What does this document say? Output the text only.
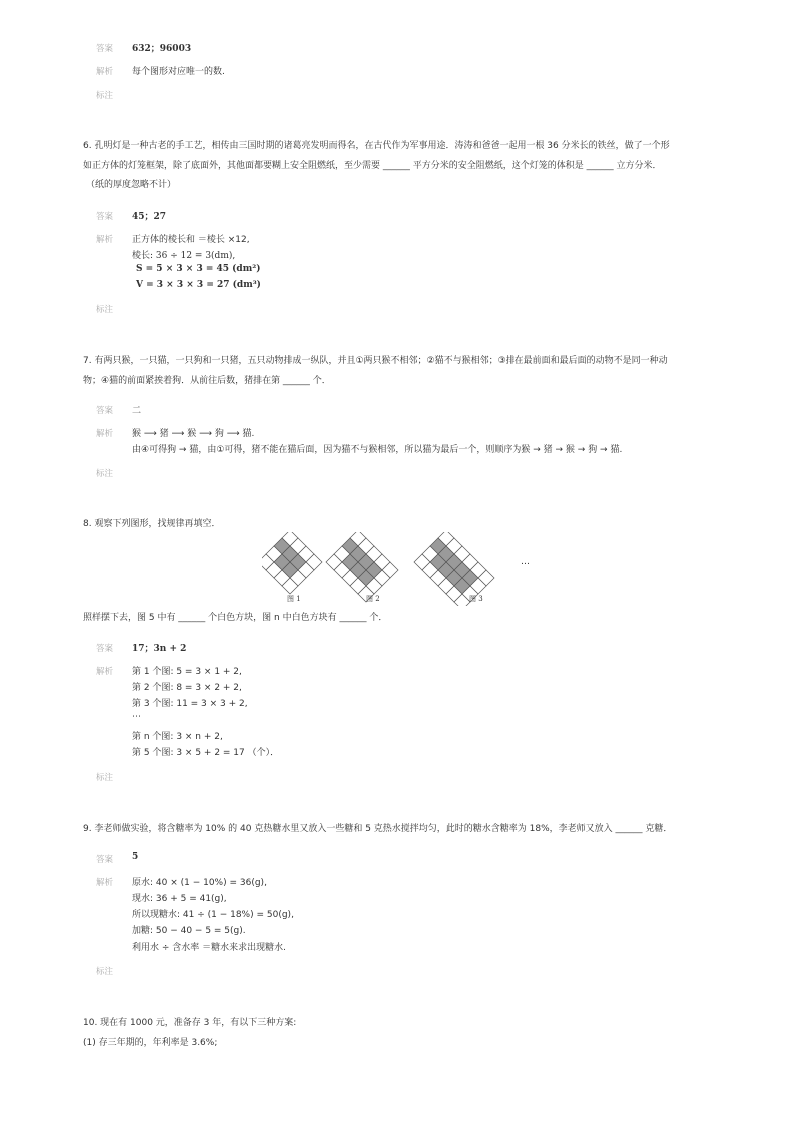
答案 632；96003
解析 每个图形对应唯一的数.
标注
6. 孔明灯是一种古老的手工艺，相传由三国时期的诸葛亮发明而得名，在古代作为军事用途．涛涛和爸爸一起用一根 36 分米长的铁丝，做了一个形
如正方体的灯笼框架，除了底面外，其他面都要糊上安全阻燃纸，至少需要 ______ 平方分米的安全阻燃纸，这个灯笼的体积是 ______ 立方分米．
（纸的厚度忽略不计）
答案 45；27
解析 正方体的棱长和 ＝棱长 ×12,
棱长: 36 ÷ 12 = 3(dm),
S = 5 × 3 × 3 = 45 (dm²)
V = 3 × 3 × 3 = 27 (dm³)
标注
7. 有两只猴，一只猫，一只狗和一只猪，五只动物排成一纵队，并且①两只猴不相邻；②猫不与猴相邻；③排在最前面和最后面的动物不是同一种动
物；④猫的前面紧挨着狗．从前往后数，猪排在第 ______ 个．
答案 二
解析 猴 ⟶ 猪 ⟶ 猴 ⟶ 狗 ⟶ 猫.
由④可得狗 → 猫，由①可得，猪不能在猫后面，因为猫不与猴相邻，所以猫为最后一个，则顺序为猴 → 猪 → 猴 → 狗 → 猫.
标注
8. 观察下列图形，找规律再填空．
图 1	图 2	图 3
…
照样摆下去，图 5 中有 ______ 个白色方块，图 n 中白色方块有 ______ 个．
答案 17；3n + 2
解析 第 1 个图: 5 = 3 × 1 + 2,
第 2 个图: 8 = 3 × 2 + 2,
第 3 个图: 11 = 3 × 3 + 2,
⋯
第 n 个图: 3 × n + 2,
第 5 个图: 3 × 5 + 2 = 17 （个）．
标注
9. 李老师做实验，将含糖率为 10% 的 40 克热糖水里又放入一些糖和 5 克热水搅拌均匀，此时的糖水含糖率为 18%，李老师又放入 ______ 克糖．
答案 5
解析 原水: 40 × (1 − 10%) = 36(g),
现水: 36 + 5 = 41(g),
所以现糖水: 41 ÷ (1 − 18%) = 50(g),
加糖: 50 − 40 − 5 = 5(g).
利用水 ÷ 含水率 ＝糖水来求出现糖水.
标注
10. 现在有 1000 元，准备存 3 年，有以下三种方案:
(1) 存三年期的，年利率是 3.6%;
